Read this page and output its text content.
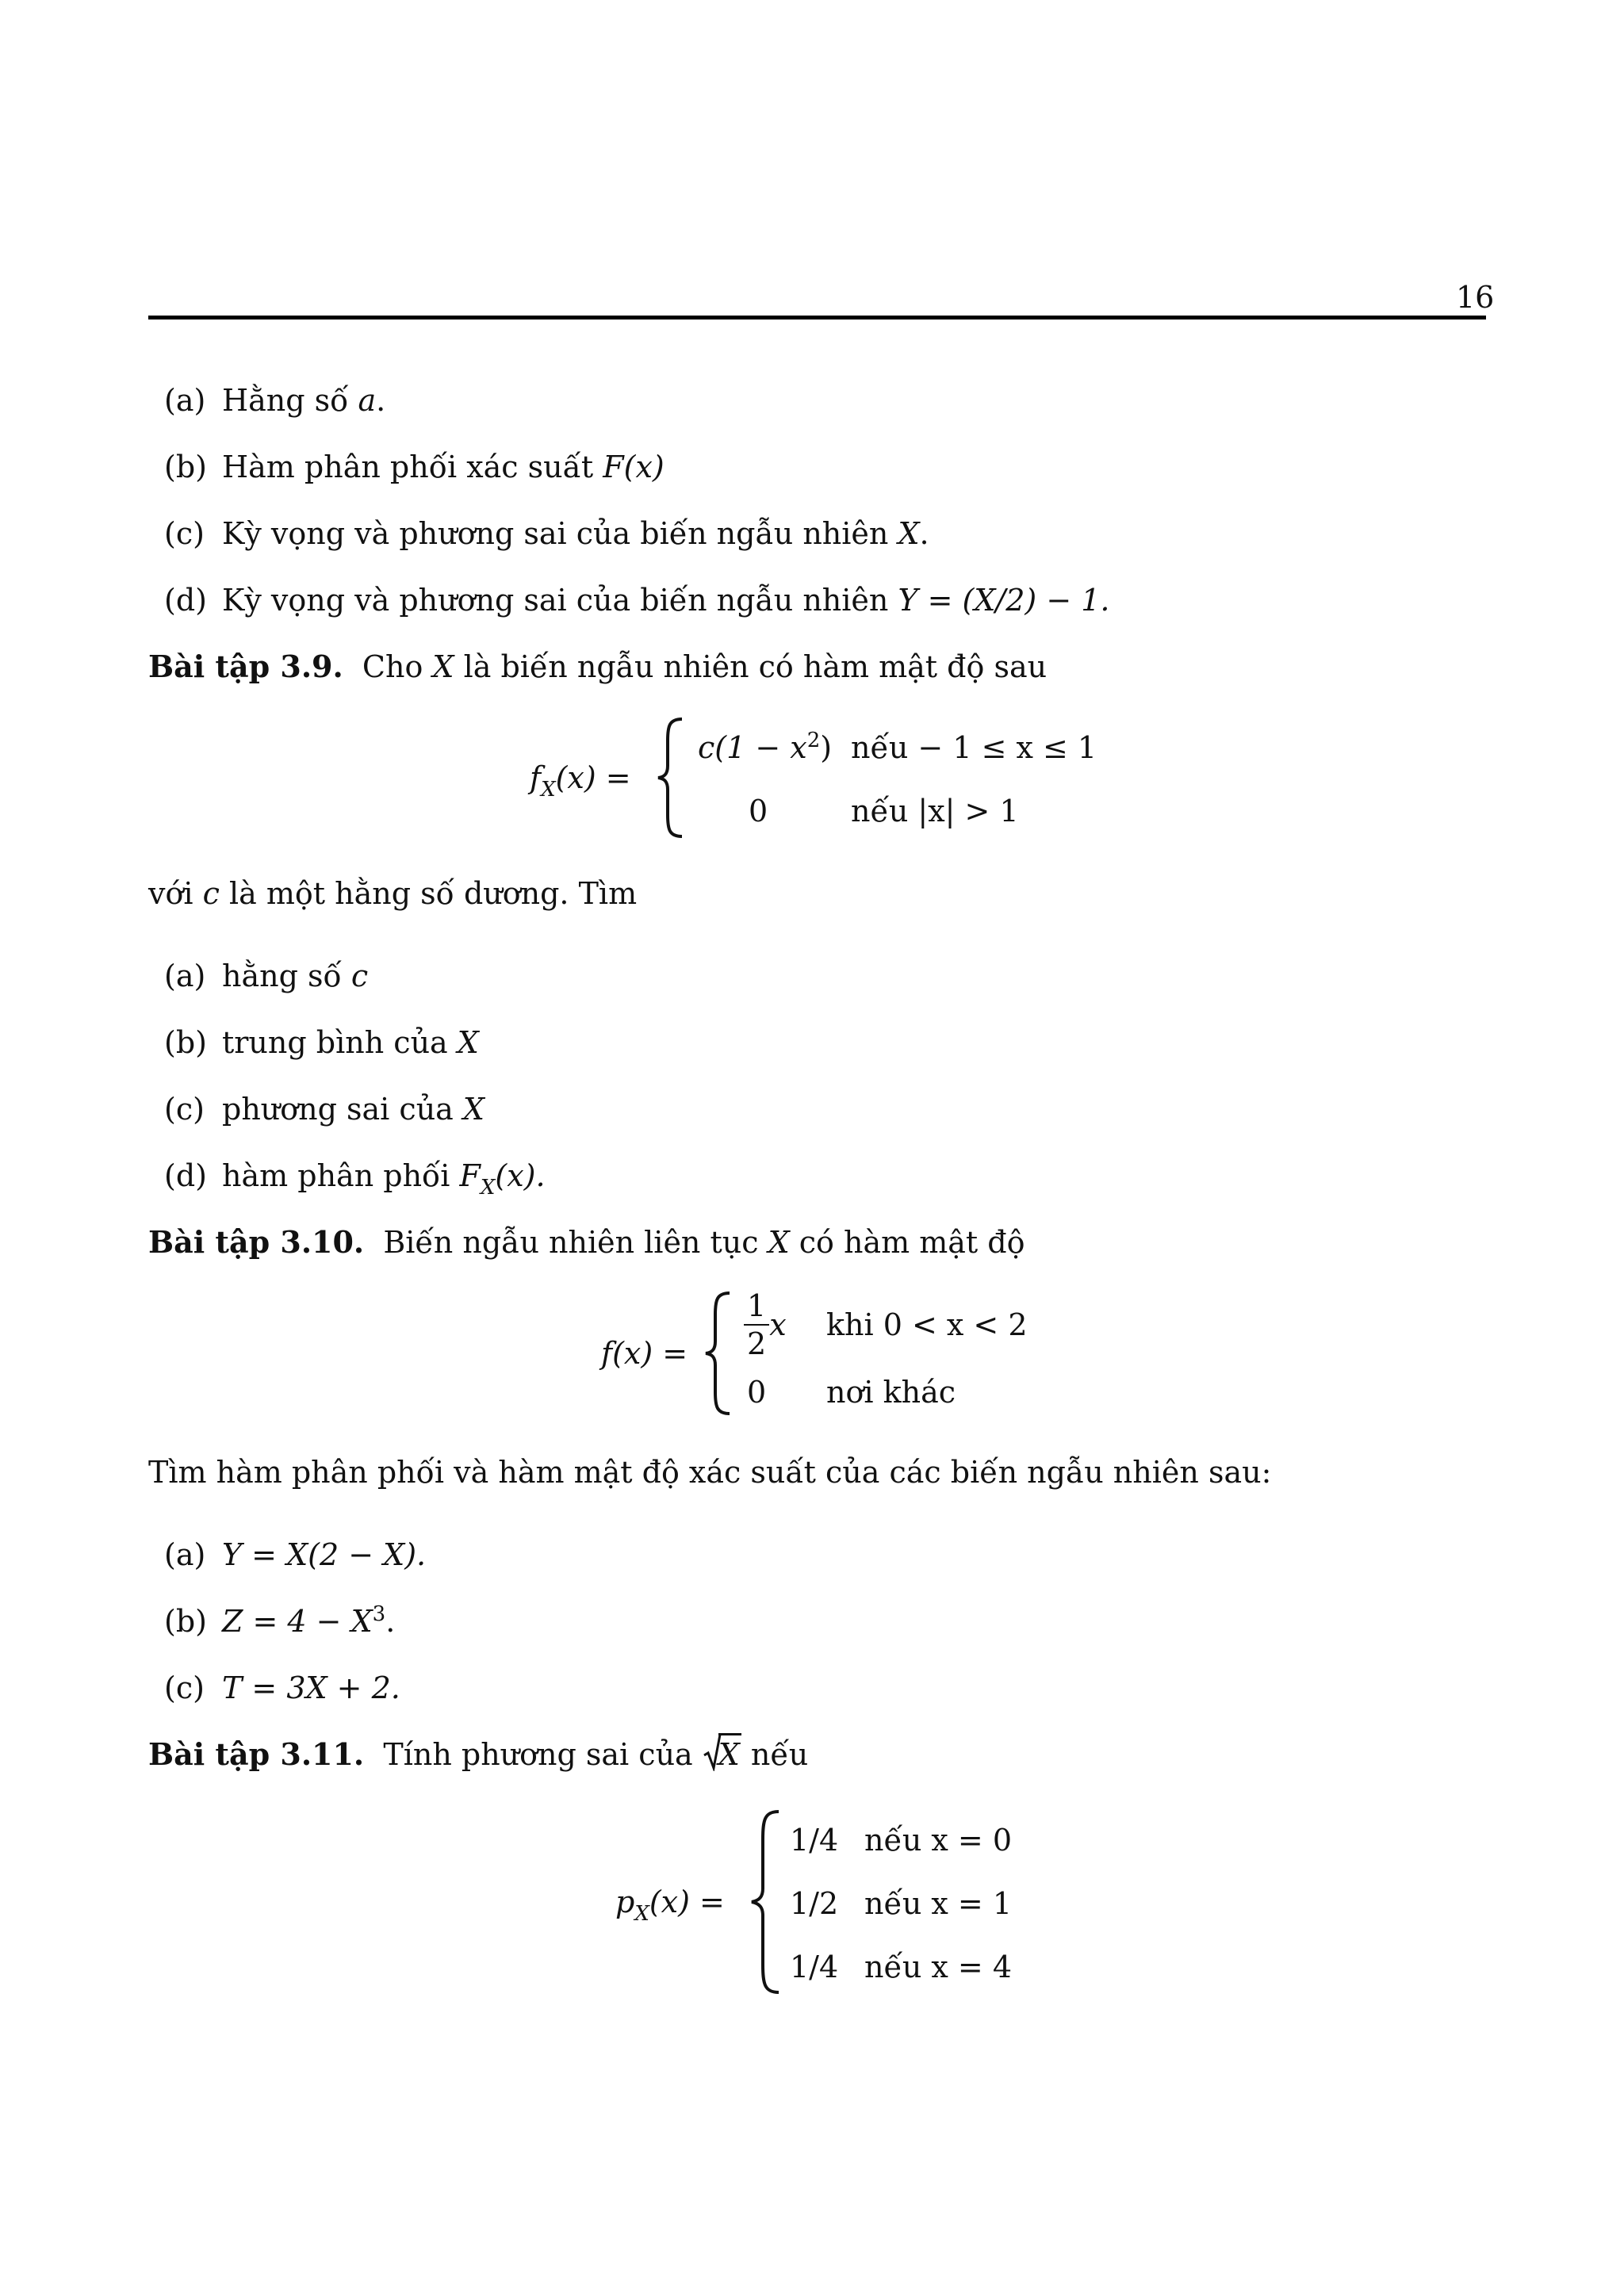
16
(a) Hằng số a.
(b) Hàm phân phối xác suất F(x)
(c) Kỳ vọng và phương sai của biến ngẫu nhiên X.
(d) Kỳ vọng và phương sai của biến ngẫu nhiên Y = (X/2) − 1.
Bài tập 3.9. Cho X là biến ngẫu nhiên có hàm mật độ sau
$f_X(x)$ =
$c(1 - x^2)$ nếu − 1 ≤ x ≤ 1
0	nếu |x| > 1
với c là một hằng số dương. Tìm
(a) hằng số c
(b) trung bình của X
(c) phương sai của X
(d) hàm phân phối $F_X(x)$.
Bài tập 3.10. Biến ngẫu nhiên liên tục X có hàm mật độ
$f(x) = \frac{1}{2}$ x khi 0 < x < 2
0 nơi khác
Tìm hàm phân phối và hàm mật độ xác suất của các biến ngẫu nhiên sau:
(a) Y = X(2 − X).
(b) $Z = 4 - X^3$.
(c) T = 3X + 2.
Bài tập 3.11. Tính phương sai của
X nếu
$p_X(x)$ =
1/4 nếu x = 0
1/2 nếu x = 1
1/4 nếu x = 4
